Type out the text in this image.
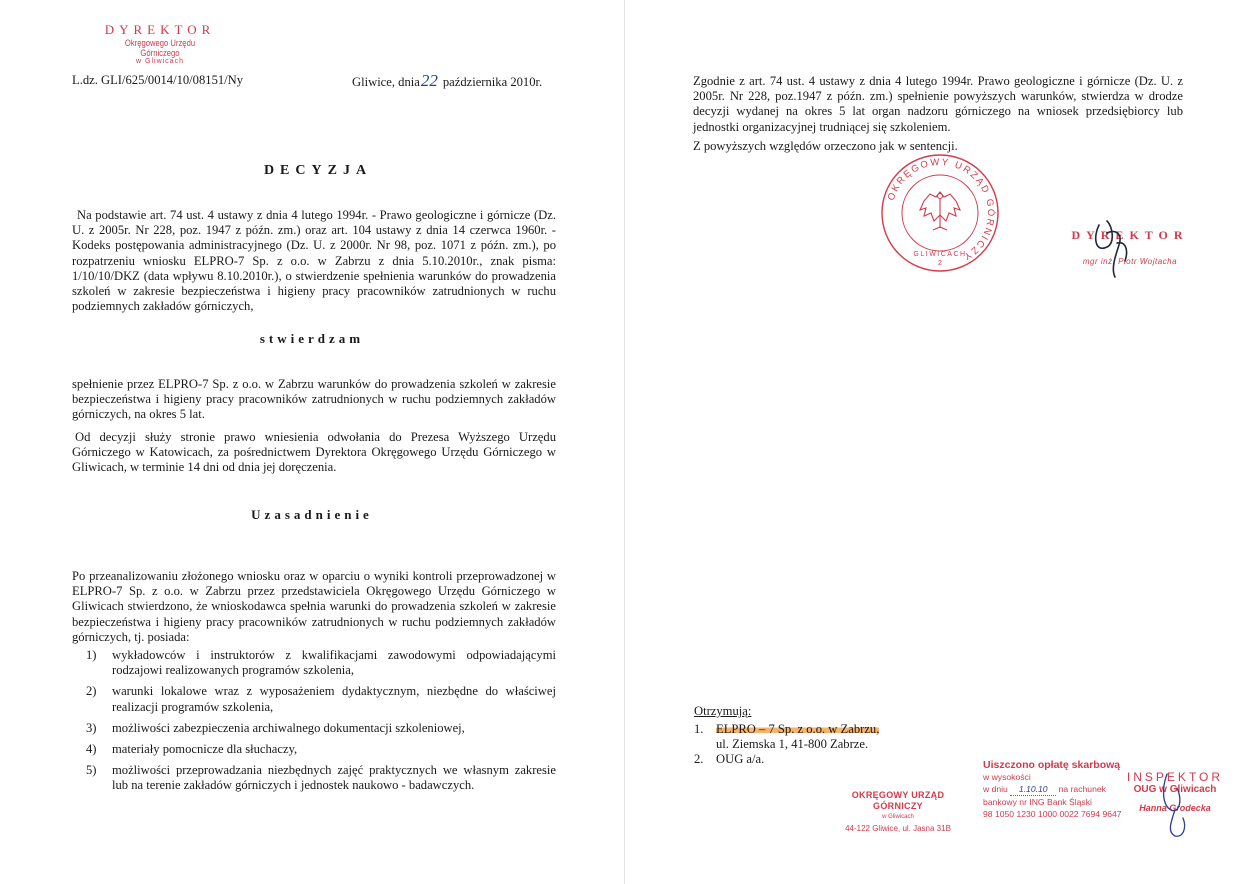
DYREKTOR
Okręgowego Urzędu Górniczego
w Gliwicach
L.dz. GLI/625/0014/10/08151/Ny	Gliwice, dnia22 października 2010r.
DECYZJA

Na podstawie art. 74 ust. 4 ustawy z dnia 4 lutego 1994r. - Prawo geologiczne i górnicze (Dz. U. z 2005r. Nr 228, poz. 1947 z późn. zm.) oraz art. 104 ustawy z dnia 14 czerwca 1960r. - Kodeks postępowania administracyjnego (Dz. U. z 2000r. Nr 98, poz. 1071 z późn. zm.), po rozpatrzeniu wniosku ELPRO-7 Sp. z o.o. w Zabrzu z dnia 5.10.2010r., znak pisma: 1/10/10/DKZ (data wpływu 8.10.2010r.), o stwierdzenie spełnienia warunków do prowadzenia szkoleń w zakresie bezpieczeństwa i higieny pracy pracowników zatrudnionych w ruchu podziemnych zakładów górniczych,

stwierdzam

spełnienie przez ELPRO-7 Sp. z o.o. w Zabrzu warunków do prowadzenia szkoleń w zakresie bezpieczeństwa i higieny pracy pracowników zatrudnionych w ruchu podziemnych zakładów górniczych, na okres 5 lat.

Od decyzji służy stronie prawo wniesienia odwołania do Prezesa Wyższego Urzędu Górniczego w Katowicach, za pośrednictwem Dyrektora Okręgowego Urzędu Górniczego w Gliwicach, w terminie 14 dni od dnia jej doręczenia.

Uzasadnienie

Po przeanalizowaniu złożonego wniosku oraz w oparciu o wyniki kontroli przeprowadzonej w ELPRO-7 Sp. z o.o. w Zabrzu przez przedstawiciela Okręgowego Urzędu Górniczego w Gliwicach stwierdzono, że wnioskodawca spełnia warunki do prowadzenia szkoleń w zakresie bezpieczeństwa i higieny pracy pracowników zatrudnionych w ruchu podziemnych zakładów górniczych, tj. posiada:

1) wykładowców i instruktorów z kwalifikacjami zawodowymi odpowiadającymi rodzajowi realizowanych programów szkolenia,
2) warunki lokalowe wraz z wyposażeniem dydaktycznym, niezbędne do właściwej realizacji programów szkolenia,
3) możliwości zabezpieczenia archiwalnego dokumentacji szkoleniowej,
4) materiały pomocnicze dla słuchaczy,
5) możliwości przeprowadzania niezbędnych zajęć praktycznych we własnym zakresie lub na terenie zakładów górniczych i jednostek naukowo - badawczych.

Zgodnie z art. 74 ust. 4 ustawy z dnia 4 lutego 1994r. Prawo geologiczne i górnicze (Dz. U. z 2005r. Nr 228, poz.1947 z późn. zm.) spełnienie powyższych warunków, stwierdza w drodze decyzji wydanej na okres 5 lat organ nadzoru górniczego na wniosek przedsiębiorcy lub jednostki organizacyjnej trudniącej się szkoleniem.

Z powyższych względów orzeczono jak w sentencji.

OKRĘGOWY URZĄD GÓRNICZY
GLIWICACH
2
DYREKTOR
mgr inż. Piotr Wojtacha
Otrzymują:
1. ELPRO – 7 Sp. z o.o. w Zabrzu,
ul. Ziemska 1, 41-800 Zabrze.
2. OUG a/a.
OKRĘGOWY URZĄD GÓRNICZY
w Gliwicach
44-122 Gliwice, ul. Jasna 31B
Uiszczono opłatę skarbową
w wysokości
w dniu 1.10.10 na rachunek
bankowy nr ING Bank Śląski
98 1050 1230 1000 0022 7694 9647
INSPEKTOR
OUG w Gliwicach
Hanna Grodecka
